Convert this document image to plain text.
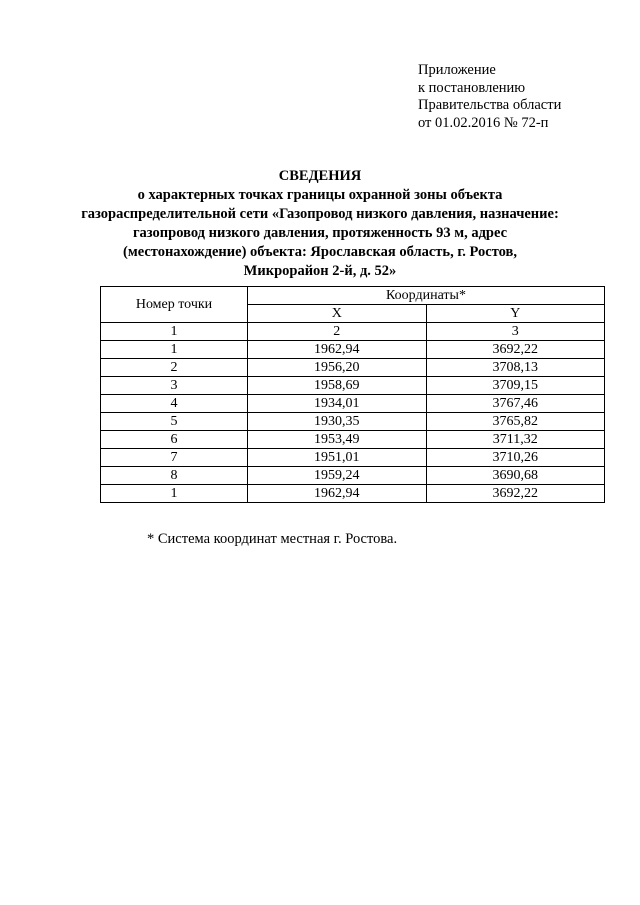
Приложение
к постановлению
Правительства области
от 01.02.2016 № 72-п
СВЕДЕНИЯ
о характерных точках границы охранной зоны объекта
газораспределительной сети «Газопровод низкого давления, назначение:
газопровод низкого давления, протяженность 93 м, адрес
(местонахождение) объекта: Ярославская область, г. Ростов,
Микрорайон 2-й, д. 52»
Номер точки	Координаты*	
	X	Y
1	2	3
1	1962,94	3692,22
2	1956,20	3708,13
3	1958,69	3709,15
4	1934,01	3767,46
5	1930,35	3765,82
6	1953,49	3711,32
7	1951,01	3710,26
8	1959,24	3690,68
1	1962,94	3692,22
* Система координат местная г. Ростова.
